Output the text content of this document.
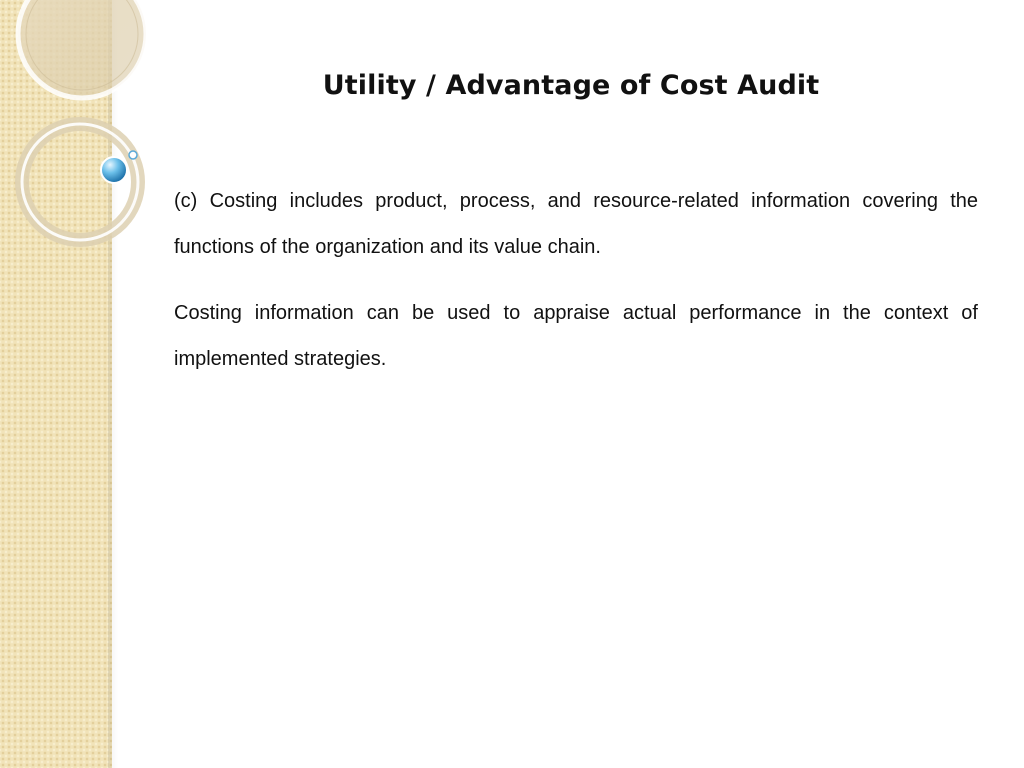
Utility / Advantage of Cost Audit

(c) Costing includes product, process, and resource-related information covering the functions of the organization and its value chain.

Costing information can be used to appraise actual performance in the context of implemented strategies.
